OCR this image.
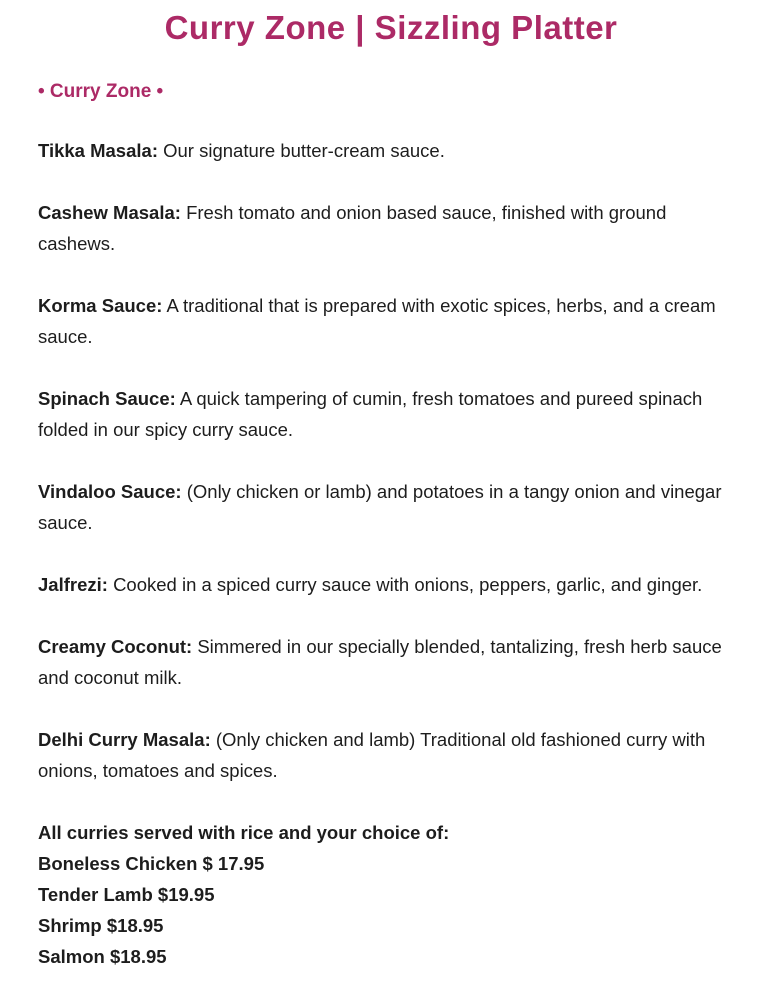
Curry Zone | Sizzling Platter
• Curry Zone •

Tikka Masala: Our signature butter-cream sauce.

Cashew Masala: Fresh tomato and onion based sauce, finished with ground cashews.

Korma Sauce: A traditional that is prepared with exotic spices, herbs, and a cream sauce.

Spinach Sauce: A quick tampering of cumin, fresh tomatoes and pureed spinach folded in our spicy curry sauce.

Vindaloo Sauce: (Only chicken or lamb) and potatoes in a tangy onion and vinegar sauce.

Jalfrezi: Cooked in a spiced curry sauce with onions, peppers, garlic, and ginger.

Creamy Coconut: Simmered in our specially blended, tantalizing, fresh herb sauce and coconut milk.

Delhi Curry Masala: (Only chicken and lamb) Traditional old fashioned curry with onions, tomatoes and spices.

All curries served with rice and your choice of:
Boneless Chicken $ 17.95
Tender Lamb $19.95
Shrimp $18.95
Salmon $18.95
